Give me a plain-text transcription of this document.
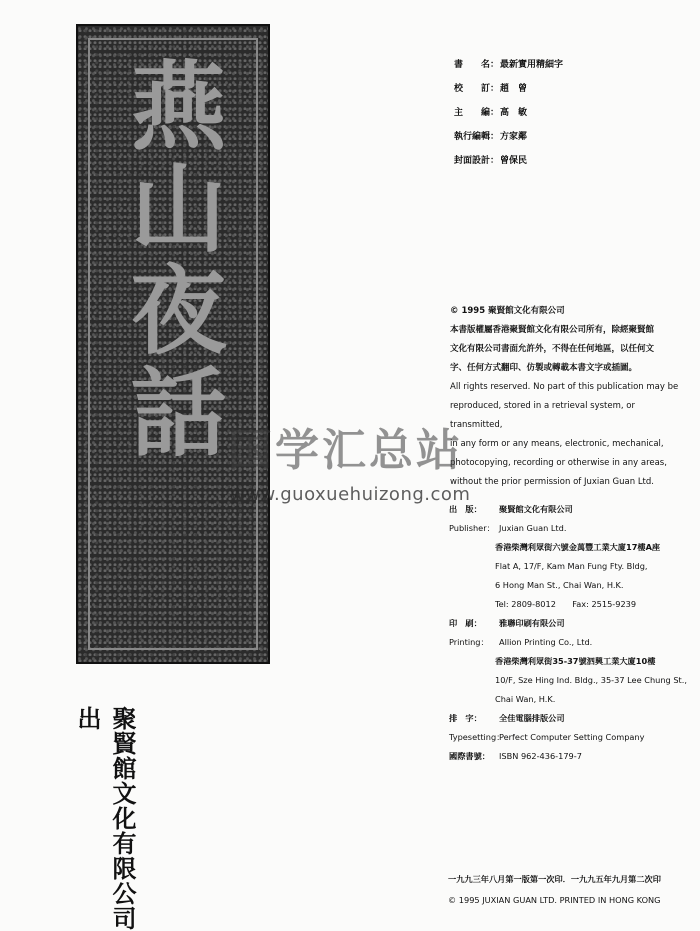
燕山夜話
聚賢館文化有限公司出
書　　名： 最新實用精細字
校　　訂： 趙　曾
主　　編： 高　敏
執行編輯： 方家鄰
封面設計： 曾保民

© 1995 聚賢館文化有限公司

本書版權屬香港聚賢館文化有限公司所有，除經聚賢館

文化有限公司書面允許外，不得在任何地區，以任何文

字、任何方式翻印、仿製或轉載本書文字或插圖。

All rights reserved. No part of this publication may be

reproduced, stored in a retrieval system, or transmitted,

in any form or any means, electronic, mechanical,

photocopying, recording or otherwise in any areas,

without the prior permission of Juxian Guan Ltd.

出　版：	聚賢館文化有限公司
Publisher： Juxian Guan Ltd.
香港柴灣利眾街六號金萬豐工業大廈17樓A座
Flat A, 17/F, Kam Man Fung Fty. Bldg,
6 Hong Man St., Chai Wan, H.K.
Tel: 2809-8012　　Fax: 2515-9239
印　刷：	雅聯印刷有限公司
Printing：	Allion Printing Co., Ltd.
香港柴灣利眾街35-37號泗興工業大廈10樓
10/F, Sze Hing Ind. Bldg., 35-37 Lee Chung St.,
Chai Wan, H.K.
排　字：	全佳電腦排版公司
Typesetting：
Perfect Computer Setting Company
國際書號：	ISBN 962-436-179-7
一九九三年八月第一版第一次印．一九九五年九月第二次印
© 1995 JUXIAN GUAN LTD. PRINTED IN HONG KONG
国学汇总站
www.guoxuehuizong.com
